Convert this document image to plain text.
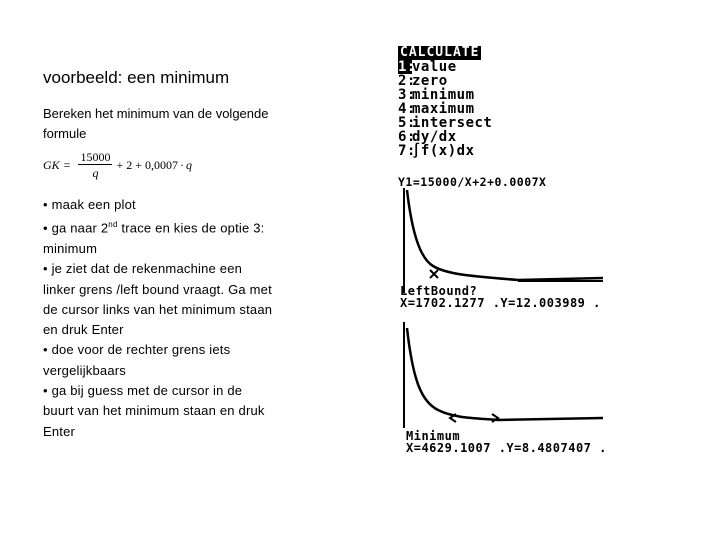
voorbeeld: een minimum

Bereken het minimum van de volgende formule

GK = $\frac{15000}{q} + 2 + 0,0007 \cdot q$

• maak een plot

• ga naar 2nd trace en kies de optie 3: minimum

• je ziet dat de rekenmachine een linker grens /left bound vraagt. Ga met de cursor links van het minimum staan en druk Enter

• doe voor de rechter grens iets vergelijkbaars

• ga bij guess met de cursor in de buurt van het minimum staan en druk Enter

CALCULATE
1:value
2:zero
3:minimum
4:maximum
5:intersect
6:dy/dx
7:∫f(x)dx
Y1=15000/X+2+0.0007X
LeftBound?
X=1702.1277 .Y=12.003989 .
Minimum
X=4629.1007 .Y=8.4807407 .
